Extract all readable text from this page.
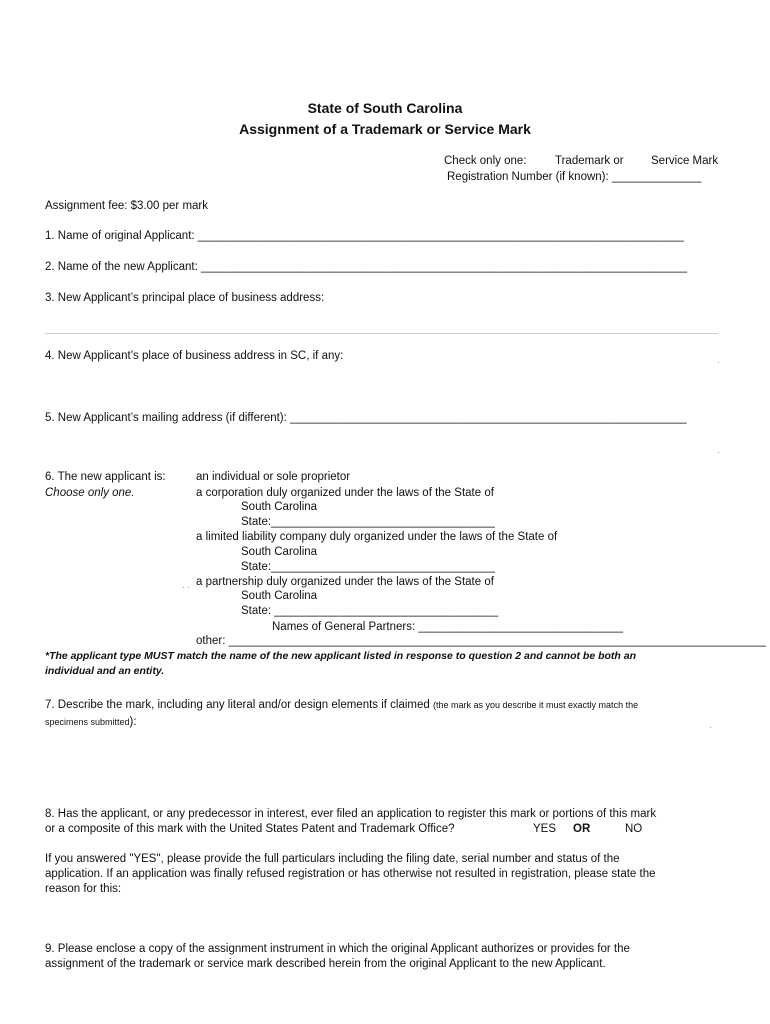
State of South Carolina
Assignment of a Trademark or Service Mark
Check only one: Trademark or Service Mark
Registration Number (if known): ______________
Assignment fee: $3.00 per mark
1. Name of original Applicant: ____________________________________________________________________________
2. Name of the new Applicant: ____________________________________________________________________________
3. New Applicant’s principal place of business address:
4. New Applicant’s place of business address in SC, if any:
5. New Applicant’s mailing address (if different): ______________________________________________________________
6. The new applicant is:
Choose only one.
an individual or sole proprietor
a corporation duly organized under the laws of the State of
South Carolina
State:___________________________________
a limited liability company duly organized under the laws of the State of
South Carolina
State:___________________________________
a partnership duly organized under the laws of the State of
South Carolina
State: ___________________________________
Names of General Partners: ________________________________
other: ____________________________________________________________________________________
*The applicant type MUST match the name of the new applicant listed in response to question 2 and cannot be both an
individual and an entity.
7. Describe the mark, including any literal and/or design elements if claimed (the mark as you describe it must exactly match the
specimens submitted):
8. Has the applicant, or any predecessor in interest, ever filed an application to register this mark or portions of this mark
or a composite of this mark with the United States Patent and Trademark Office?	YES OR	NO
If you answered "YES", please provide the full particulars including the filing date, serial number and status of the
application. If an application was finally refused registration or has otherwise not resulted in registration, please state the
reason for this:
9. Please enclose a copy of the assignment instrument in which the original Applicant authorizes or provides for the
assignment of the trademark or service mark described herein from the original Applicant to the new Applicant.
